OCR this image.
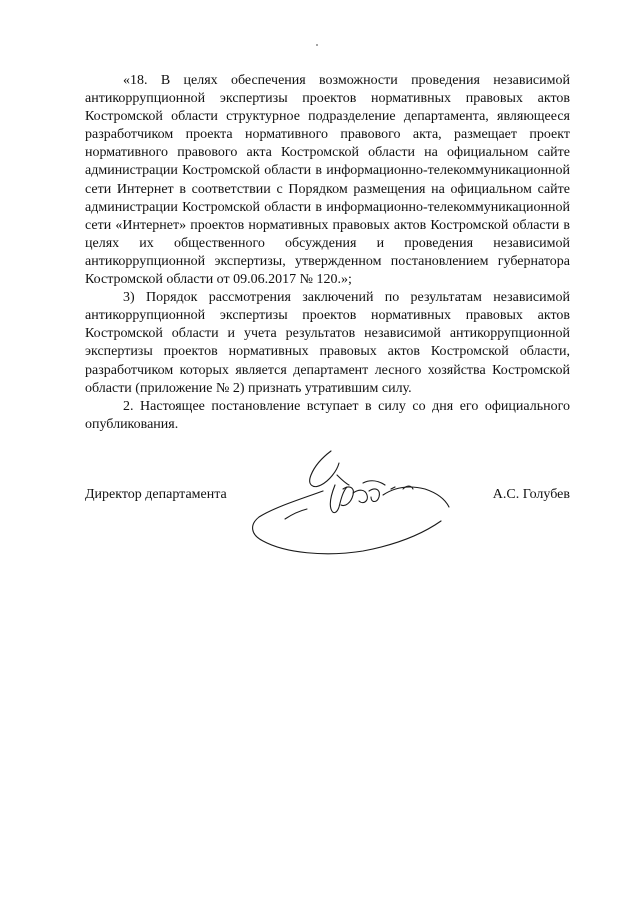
«18. В целях обеспечения возможности проведения независимой антикоррупционной экспертизы проектов нормативных правовых актов Костромской области структурное подразделение департамента, являющееся разработчиком проекта нормативного правового акта, размещает проект нормативного правового акта Костромской области на официальном сайте администрации Костромской области в информационно-телекоммуникационной сети Интернет в соответствии с Порядком размещения на официальном сайте администрации Костромской области в информационно-телекоммуникационной сети «Интернет» проектов нормативных правовых актов Костромской области в целях их общественного обсуждения и проведения независимой антикоррупционной экспертизы, утвержденном постановлением губернатора Костромской области от 09.06.2017 № 120.»;

3) Порядок рассмотрения заключений по результатам независимой антикоррупционной экспертизы проектов нормативных правовых актов Костромской области и учета результатов независимой антикоррупционной экспертизы проектов нормативных правовых актов Костромской области, разработчиком которых является департамент лесного хозяйства Костромской области (приложение № 2) признать утратившим силу.

2. Настоящее постановление вступает в силу со дня его официального опубликования.

Директор департамента	А.С. Голубев
